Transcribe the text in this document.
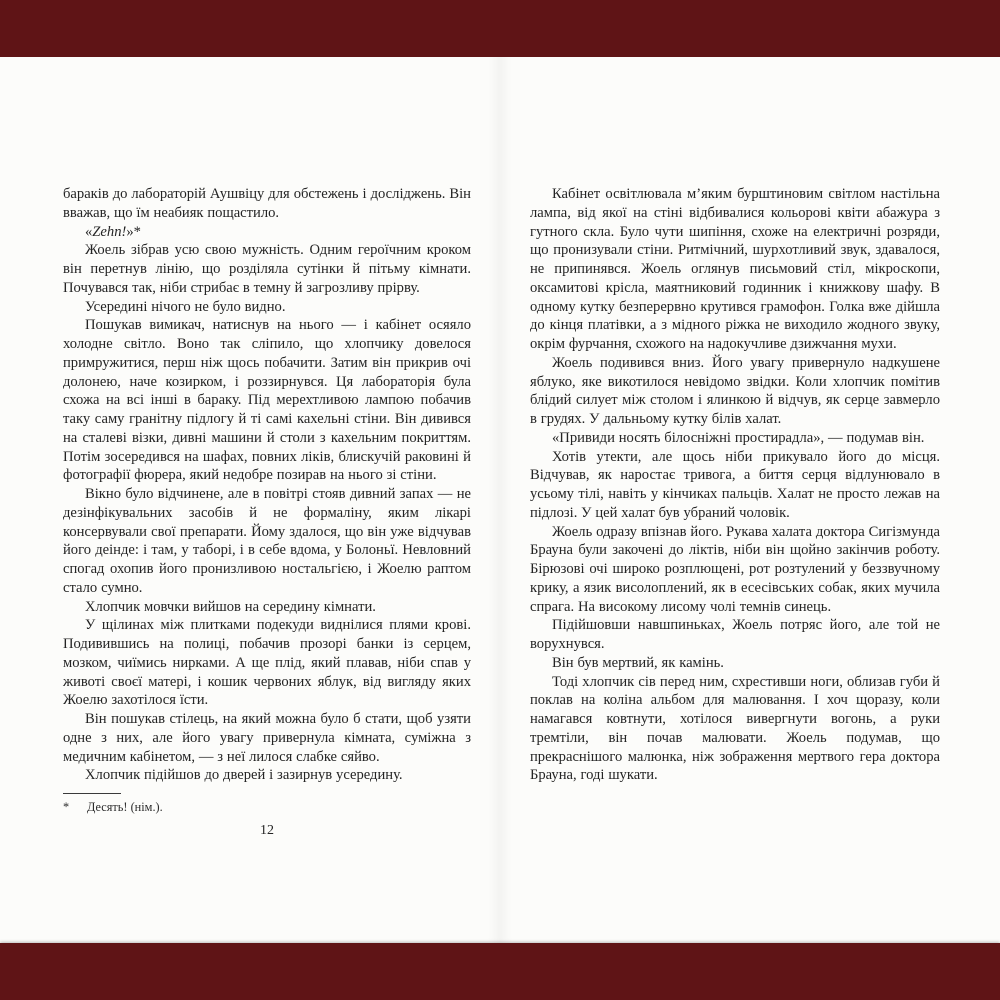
бараків до лабораторій Аушвіцу для обстежень і досліджень. Він вважав, що їм неабияк пощастило.

«Zehn!»*

Жоель зібрав усю свою мужність. Одним героїчним кроком він перетнув лінію, що розділяла сутінки й пітьму кімнати. Почувався так, ніби стрибає в темну й загрозливу прірву.

Усередині нічого не було видно.

Пошукав вимикач, натиснув на нього — і кабінет осяяло холодне світло. Воно так сліпило, що хлопчику довелося примружитися, перш ніж щось побачити. Затим він прикрив очі долонею, наче козирком, і роззирнувся. Ця лабораторія була схожа на всі інші в бараку. Під мерехтливою лампою побачив таку саму гранітну підлогу й ті самі кахельні стіни. Він дивився на сталеві візки, дивні машини й столи з кахельним покриттям. Потім зосередився на шафах, повних ліків, блискучій раковині й фотографії фюрера, який недобре позирав на нього зі стіни.

Вікно було відчинене, але в повітрі стояв дивний запах — не дезінфікувальних засобів й не формаліну, яким лікарі консервували свої препарати. Йому здалося, що він уже відчував його деінде: і там, у таборі, і в себе вдома, у Болоньї. Невловний спогад охопив його пронизливою ностальгією, і Жоелю раптом стало сумно.

Хлопчик мовчки вийшов на середину кімнати.

У щілинах між плитками подекуди виднілися плями крові. Подивившись на полиці, побачив прозорі банки із серцем, мозком, чиїмись нирками. А ще плід, який плавав, ніби спав у животі своєї матері, і кошик червоних яблук, від вигляду яких Жоелю захотілося їсти.

Він пошукав стілець, на який можна було б стати, щоб узяти одне з них, але його увагу привернула кімната, суміжна з медичним кабінетом, — з неї лилося слабке сяйво.

Хлопчик підійшов до дверей і зазирнув усередину.

Кабінет освітлювала м’яким бурштиновим світлом настільна лампа, від якої на стіні відбивалися кольорові квіти абажура з гутного скла. Було чути шипіння, схоже на електричні розряди, що пронизували стіни. Ритмічний, шурхотливий звук, здавалося, не припинявся. Жоель оглянув письмовий стіл, мікроскопи, оксамитові крісла, маятниковий годинник і книжкову шафу. В одному кутку безперервно крутився грамофон. Голка вже дійшла до кінця платівки, а з мідного ріжка не виходило жодного звуку, окрім фурчання, схожого на надокучливе дзижчання мухи.

Жоель подивився вниз. Його увагу привернуло надкушене яблуко, яке викотилося невідомо звідки. Коли хлопчик помітив блідий силует між столом і ялинкою й відчув, як серце завмерло в грудях. У дальньому кутку білів халат.

«Привиди носять білосніжні простирадла», — подумав він.

Хотів утекти, але щось ніби прикувало його до місця. Відчував, як наростає тривога, а биття серця відлунювало в усьому тілі, навіть у кінчиках пальців. Халат не просто лежав на підлозі. У цей халат був убраний чоловік.

Жоель одразу впізнав його. Рукава халата доктора Сигізмунда Брауна були закочені до ліктів, ніби він щойно закінчив роботу. Бірюзові очі широко розплющені, рот розтулений у беззвучному крику, а язик висолоплений, як в есесівських собак, яких мучила спрага. На високому лисому чолі темнів синець.

Підійшовши навшпиньках, Жоель потряс його, але той не ворухнувся.

Він був мертвий, як камінь.

Тоді хлопчик сів перед ним, схрестивши ноги, облизав губи й поклав на коліна альбом для малювання. І хоч щоразу, коли намагався ковтнути, хотілося вивергнути вогонь, а руки тремтіли, він почав малювати. Жоель подумав, що прекраснішого малюнка, ніж зображення мертвого гера доктора Брауна, годі шукати.

* Десять! (нім.).
12
